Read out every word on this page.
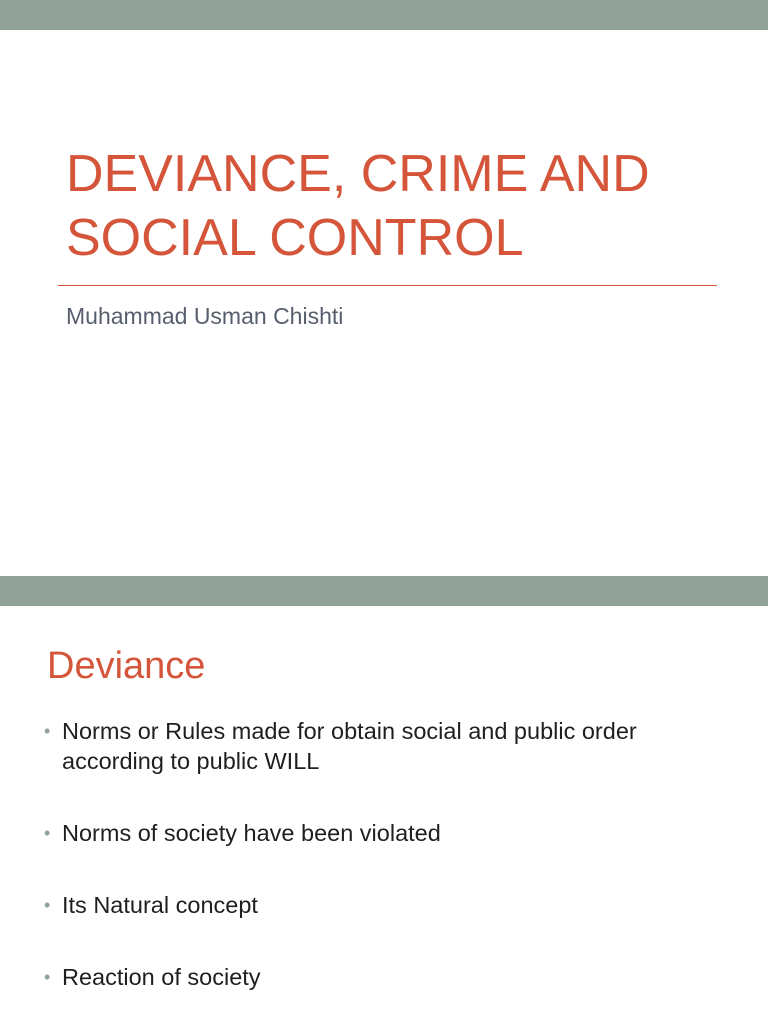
DEVIANCE, CRIME AND
SOCIAL CONTROL

Muhammad Usman Chishti

Deviance
• Norms or Rules made for obtain social and public order according to public WILL
• Norms of society have been violated
• Its Natural concept
• Reaction of society
